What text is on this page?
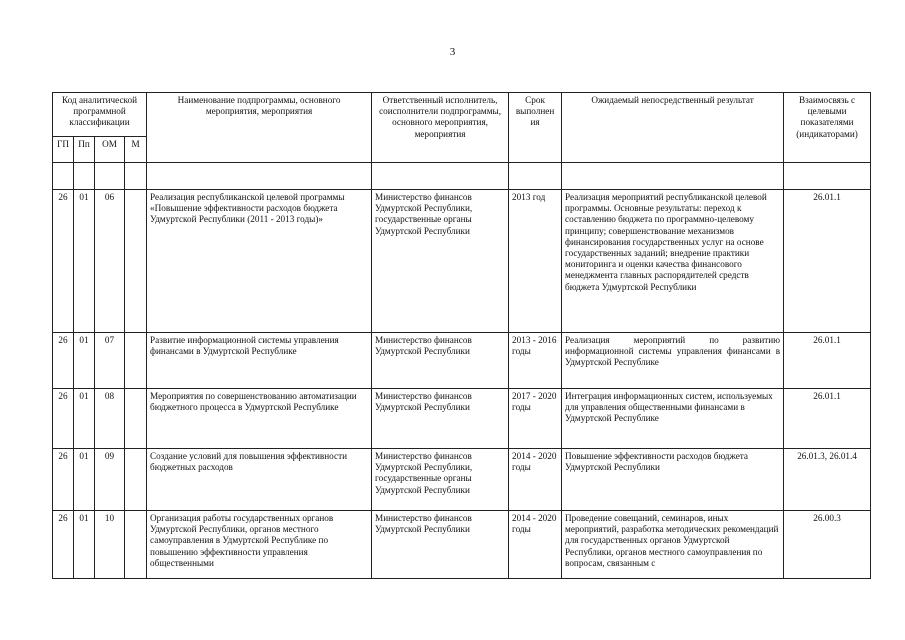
3
Код аналитической программной классификации				Наименование подпрограммы, основного мероприятия, мероприятия	Ответственный исполнитель, соисполнители подпрограммы, основного мероприятия, мероприятия	Срок выполнен ия	Ожидаемый непосредственный результат	Взаимосвязь с целевыми показателями (индикаторами)
ГП	Пп	ОМ	М					

26	01	06		Реализация республиканской целевой программы «Повышение эффективности расходов бюджета Удмуртской Республики (2011 - 2013 годы)»	Министерство финансов Удмуртской Республики, государственные органы Удмуртской Республики	2013 год	Реализация мероприятий республиканской целевой программы. Основные результаты: переход к составлению бюджета по программно-целевому принципу; совершенствование механизмов финансирования государственных услуг на основе государственных заданий; внедрение практики мониторинга и оценки качества финансового менеджмента главных распорядителей средств бюджета Удмуртской Республики	26.01.1
26	01	07		Развитие информационной системы управления финансами в Удмуртской Республике	Министерство финансов Удмуртской Республики	2013 - 2016 годы	Реализация мероприятий по развитию информационной системы управления финансами в Удмуртской Республике	26.01.1
26	01	08		Мероприятия по совершенствованию автоматизации бюджетного процесса в Удмуртской Республике	Министерство финансов Удмуртской Республики	2017 - 2020 годы	Интеграция информационных систем, используемых для управления общественными финансами в Удмуртской Республике	26.01.1
26	01	09		Создание условий для повышения эффективности бюджетных расходов	Министерство финансов Удмуртской Республики, государственные органы Удмуртской Республики	2014 - 2020 годы	Повышение эффективности расходов бюджета Удмуртской Республики	26.01.3, 26.01.4
26	01	10		Организация работы государственных органов Удмуртской Республики, органов местного самоуправления в Удмуртской Республике по повышению эффективности управления общественными	Министерство финансов Удмуртской Республики	2014 - 2020 годы	Проведение совещаний, семинаров, иных мероприятий, разработка методических рекомендаций для государственных органов Удмуртской Республики, органов местного самоуправления по вопросам, связанным с	26.00.3
